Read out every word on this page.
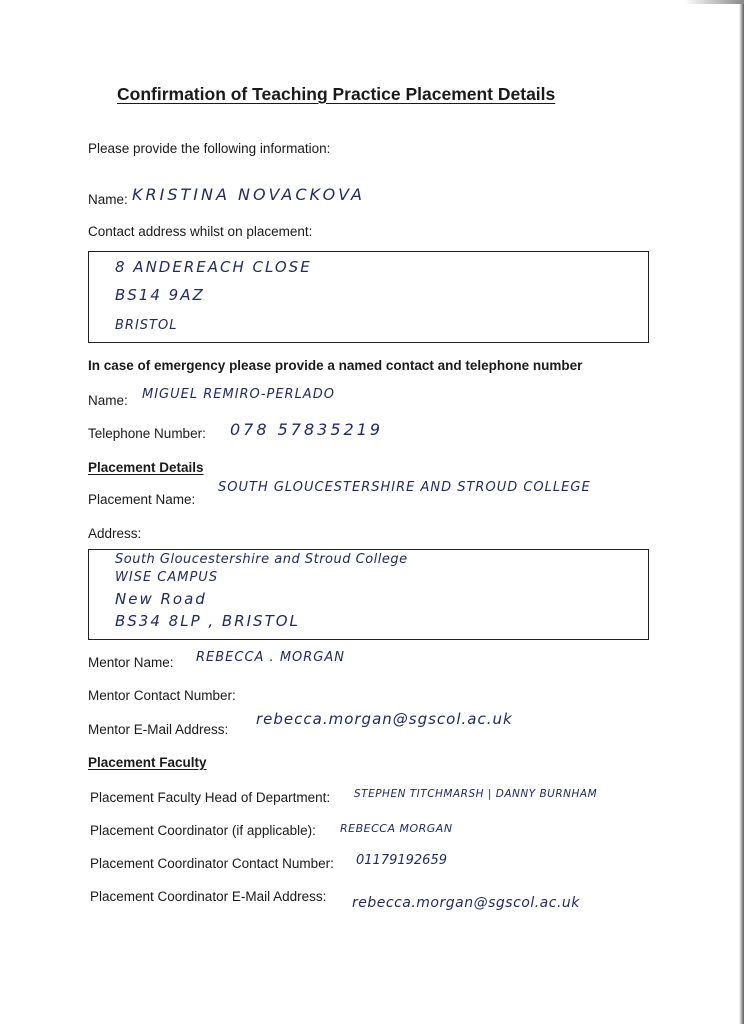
Confirmation of Teaching Practice Placement Details
Please provide the following information:
Name: KRISTINA NOVACKOVA
Contact address whilst on placement:
8 ANDEREACH CLOSE
BS14 9AZ
BRISTOL
In case of emergency please provide a named contact and telephone number
Name: MIGUEL REMIRO-PERLADO
Telephone Number: 078 57835219
Placement Details
Placement Name:
SOUTH GLOUCESTERSHIRE AND STROUD COLLEGE
Address:
South Gloucestershire and Stroud College
WISE CAMPUS
New Road
BS34 8LP , BRISTOL
Mentor Name: REBECCA . MORGAN
Mentor Contact Number:
Mentor E-Mail Address:
rebecca.morgan@sgscol.ac.uk
Placement Faculty
Placement Faculty Head of Department: STEPHEN TITCHMARSH | DANNY BURNHAM
Placement Coordinator (if applicable): REBECCA MORGAN
Placement Coordinator Contact Number: 01179192659
Placement Coordinator E-Mail Address: rebecca.morgan@sgscol.ac.uk
